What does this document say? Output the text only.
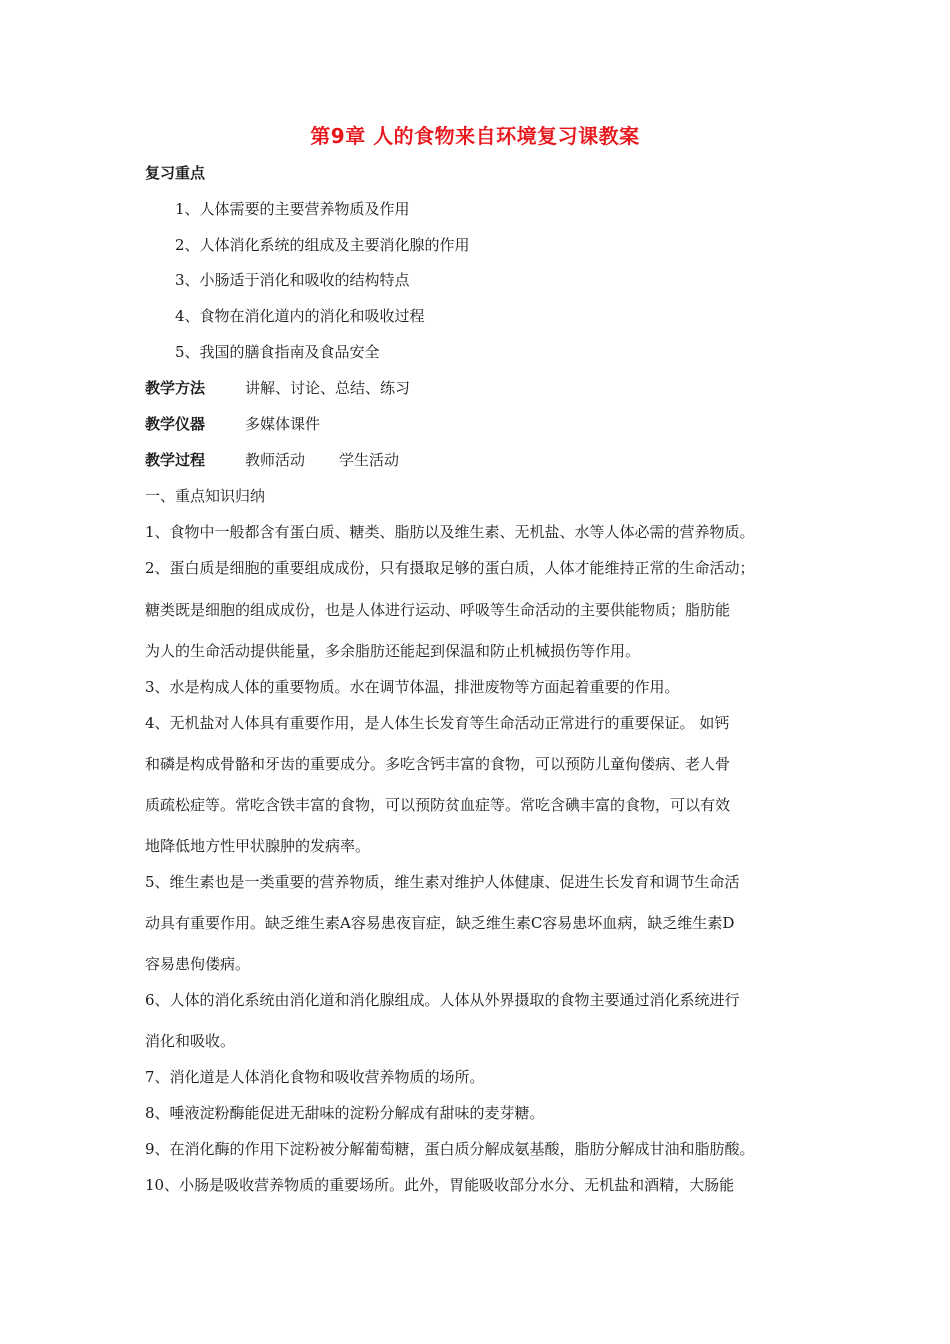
第9章 人的食物来自环境复习课教案
复习重点
1、人体需要的主要营养物质及作用
2、人体消化系统的组成及主要消化腺的作用
3、小肠适于消化和吸收的结构特点
4、食物在消化道内的消化和吸收过程
5、我国的膳食指南及食品安全
教学方法	讲解、讨论、总结、练习
教学仪器	多媒体课件
教学过程	教师活动 学生活动
一、重点知识归纳
1、食物中一般都含有蛋白质、糖类、脂肪以及维生素、无机盐、水等人体必需的营养物质。
2、蛋白质是细胞的重要组成成份，只有摄取足够的蛋白质，人体才能维持正常的生命活动；
糖类既是细胞的组成成份，也是人体进行运动、呼吸等生命活动的主要供能物质；脂肪能
为人的生命活动提供能量，多余脂肪还能起到保温和防止机械损伤等作用。
3、水是构成人体的重要物质。水在调节体温，排泄废物等方面起着重要的作用。
4、无机盐对人体具有重要作用，是人体生长发育等生命活动正常进行的重要保证。 如钙
和磷是构成骨骼和牙齿的重要成分。多吃含钙丰富的食物，可以预防儿童佝偻病、老人骨
质疏松症等。常吃含铁丰富的食物，可以预防贫血症等。常吃含碘丰富的食物，可以有效
地降低地方性甲状腺肿的发病率。
5、维生素也是一类重要的营养物质，维生素对维护人体健康、促进生长发育和调节生命活
动具有重要作用。缺乏维生素A容易患夜盲症，缺乏维生素C容易患坏血病，缺乏维生素D
容易患佝偻病。
6、人体的消化系统由消化道和消化腺组成。人体从外界摄取的食物主要通过消化系统进行
消化和吸收。
7、消化道是人体消化食物和吸收营养物质的场所。
8、唾液淀粉酶能促进无甜味的淀粉分解成有甜味的麦芽糖。
9、在消化酶的作用下淀粉被分解葡萄糖，蛋白质分解成氨基酸，脂肪分解成甘油和脂肪酸。
10、小肠是吸收营养物质的重要场所。此外，胃能吸收部分水分、无机盐和酒精，大肠能
